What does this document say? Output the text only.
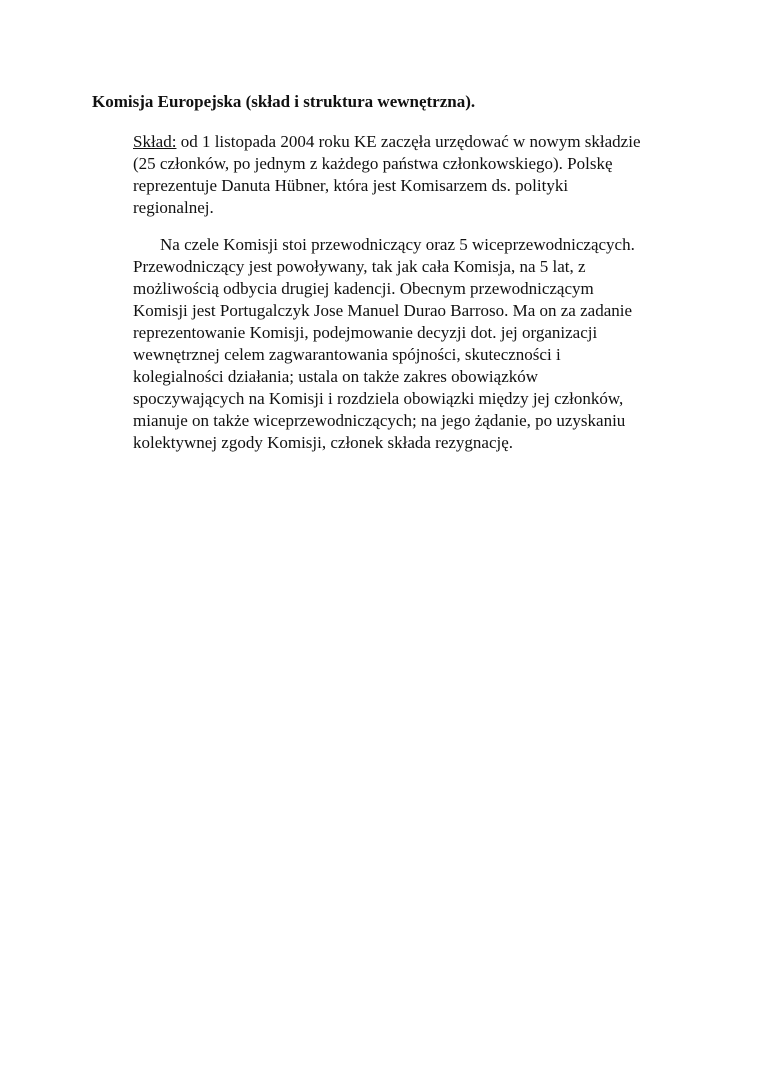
Komisja Europejska (skład i struktura wewnętrzna).
Skład: od 1 listopada 2004 roku KE zaczęła urzędować w nowym składzie
(25 członków, po jednym z każdego państwa członkowskiego). Polskę
reprezentuje Danuta Hübner, która jest Komisarzem ds. polityki
regionalnej.
Na czele Komisji stoi przewodniczący oraz 5 wiceprzewodniczących.
Przewodniczący jest powoływany, tak jak cała Komisja, na 5 lat, z
możliwością odbycia drugiej kadencji. Obecnym przewodniczącym
Komisji jest Portugalczyk Jose Manuel Durao Barroso. Ma on za zadanie
reprezentowanie Komisji, podejmowanie decyzji dot. jej organizacji
wewnętrznej celem zagwarantowania spójności, skuteczności i
kolegialności działania; ustala on także zakres obowiązków
spoczywających na Komisji i rozdziela obowiązki między jej członków,
mianuje on także wiceprzewodniczących; na jego żądanie, po uzyskaniu
kolektywnej zgody Komisji, członek składa rezygnację.
